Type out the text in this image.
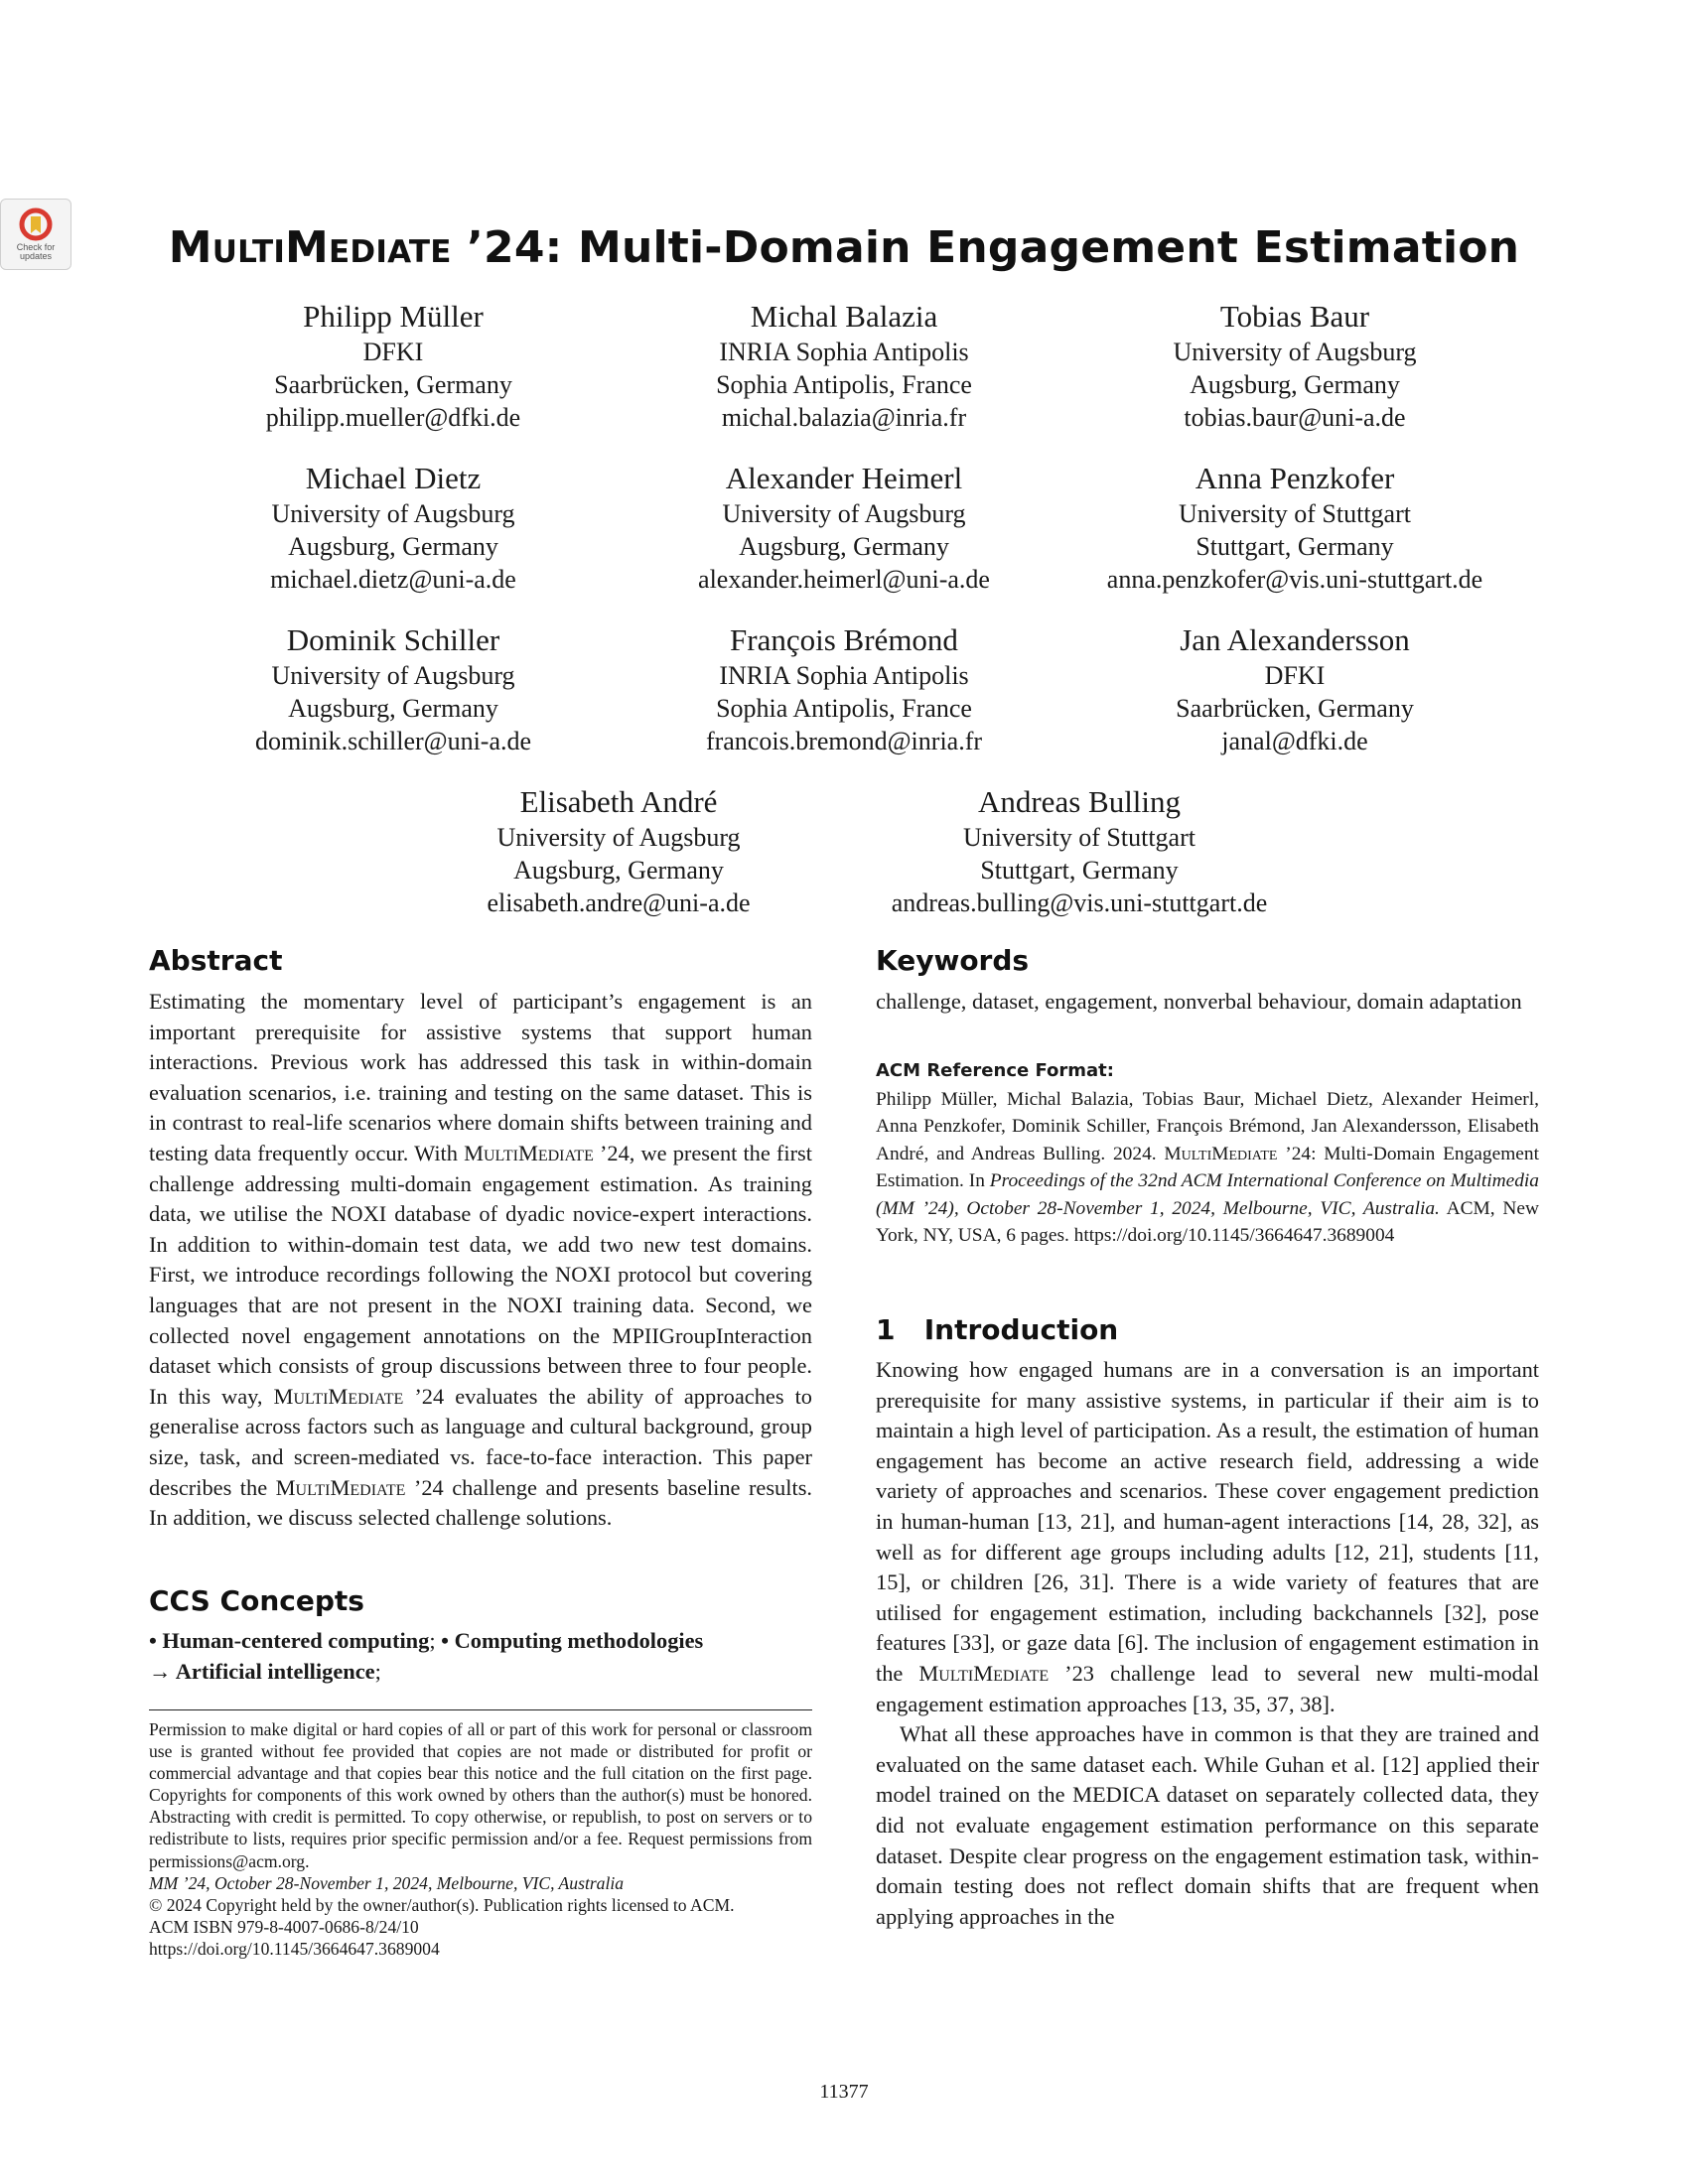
Check for
updates	MultiMediate ’24: Multi-Domain Engagement Estimation
Philipp Müller
DFKI
Saarbrücken, Germany
philipp.mueller@dfki.de
Michal Balazia
INRIA Sophia Antipolis
Sophia Antipolis, France
michal.balazia@inria.fr
Tobias Baur
University of Augsburg
Augsburg, Germany
tobias.baur@uni-a.de
Michael Dietz
University of Augsburg
Augsburg, Germany
michael.dietz@uni-a.de
Alexander Heimerl
University of Augsburg
Augsburg, Germany
alexander.heimerl@uni-a.de
Anna Penzkofer
University of Stuttgart
Stuttgart, Germany
anna.penzkofer@vis.uni-stuttgart.de
Dominik Schiller
University of Augsburg
Augsburg, Germany
dominik.schiller@uni-a.de
François Brémond
INRIA Sophia Antipolis
Sophia Antipolis, France
francois.bremond@inria.fr
Jan Alexandersson
DFKI
Saarbrücken, Germany
janal@dfki.de
Elisabeth André
University of Augsburg
Augsburg, Germany
elisabeth.andre@uni-a.de
Andreas Bulling
University of Stuttgart
Stuttgart, Germany
andreas.bulling@vis.uni-stuttgart.de
Abstract

Estimating the momentary level of participant’s engagement is an important prerequisite for assistive systems that support human interactions. Previous work has addressed this task in within-domain evaluation scenarios, i.e. training and testing on the same dataset. This is in contrast to real-life scenarios where domain shifts between training and testing data frequently occur. With MultiMediate ’24, we present the first challenge addressing multi-domain engagement estimation. As training data, we utilise the NOXI database of dyadic novice-expert interactions. In addition to within-domain test data, we add two new test domains. First, we introduce recordings following the NOXI protocol but covering languages that are not present in the NOXI training data. Second, we collected novel engagement annotations on the MPIIGroupInteraction dataset which consists of group discussions between three to four people. In this way, MultiMediate ’24 evaluates the ability of approaches to generalise across factors such as language and cultural background, group size, task, and screen-mediated vs. face-to-face interaction. This paper describes the MultiMediate ’24 challenge and presents baseline results. In addition, we discuss selected challenge solutions.

CCS Concepts

• Human-centered computing; • Computing methodologies
→ Artificial intelligence;

Permission to make digital or hard copies of all or part of this work for personal or classroom use is granted without fee provided that copies are not made or distributed for profit or commercial advantage and that copies bear this notice and the full citation on the first page. Copyrights for components of this work owned by others than the author(s) must be honored. Abstracting with credit is permitted. To copy otherwise, or republish, to post on servers or to redistribute to lists, requires prior specific permission and/or a fee. Request permissions from permissions@acm.org.
MM ’24, October 28-November 1, 2024, Melbourne, VIC, Australia
© 2024 Copyright held by the owner/author(s). Publication rights licensed to ACM.
ACM ISBN 979-8-4007-0686-8/24/10
https://doi.org/10.1145/3664647.3689004
Keywords

challenge, dataset, engagement, nonverbal behaviour, domain adaptation

ACM Reference Format:

Philipp Müller, Michal Balazia, Tobias Baur, Michael Dietz, Alexander Heimerl, Anna Penzkofer, Dominik Schiller, François Brémond, Jan Alexandersson, Elisabeth André, and Andreas Bulling. 2024. MultiMediate ’24: Multi-Domain Engagement Estimation. In Proceedings of the 32nd ACM International Conference on Multimedia (MM ’24), October 28-November 1, 2024, Melbourne, VIC, Australia. ACM, New York, NY, USA, 6 pages. https://doi.org/10.1145/3664647.3689004

1   Introduction

Knowing how engaged humans are in a conversation is an important prerequisite for many assistive systems, in particular if their aim is to maintain a high level of participation. As a result, the estimation of human engagement has become an active research field, addressing a wide variety of approaches and scenarios. These cover engagement prediction in human-human [13, 21], and human-agent interactions [14, 28, 32], as well as for different age groups including adults [12, 21], students [11, 15], or children [26, 31]. There is a wide variety of features that are utilised for engagement estimation, including backchannels [32], pose features [33], or gaze data [6]. The inclusion of engagement estimation in the MultiMediate ’23 challenge lead to several new multi-modal engagement estimation approaches [13, 35, 37, 38].
What all these approaches have in common is that they are trained and evaluated on the same dataset each. While Guhan et al. [12] applied their model trained on the MEDICA dataset on separately collected data, they did not evaluate engagement estimation performance on this separate dataset. Despite clear progress on the engagement estimation task, within-domain testing does not reflect domain shifts that are frequent when applying approaches in the

11377
